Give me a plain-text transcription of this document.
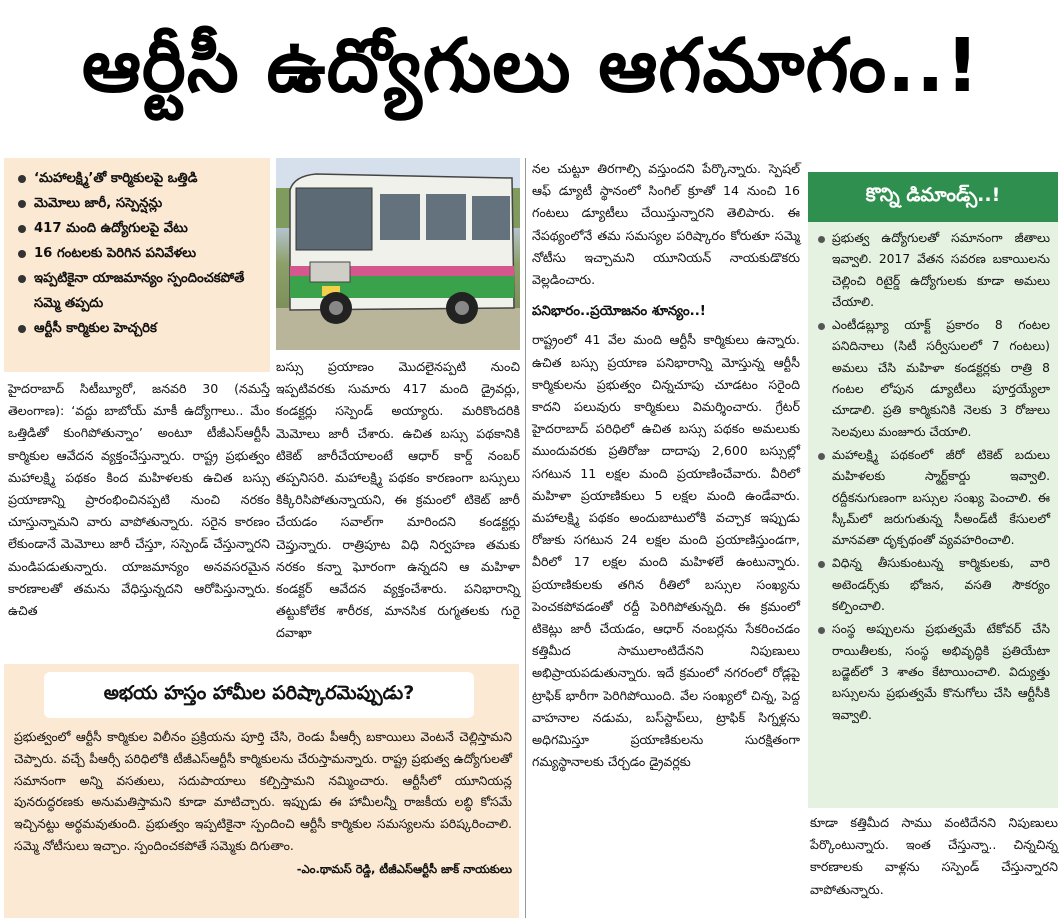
ఆర్టీసీ ఉద్యోగులు ఆగమాగం..!
‘మహాలక్ష్మి’తో కార్మికులపై ఒత్తిడి
మెమోలు జారీ, సస్పెన్షన్లు
417 మంది ఉద్యోగులపై వేటు
16 గంటలకు పెరిగిన పనివేళలు
ఇప్పటికైనా యాజమాన్యం స్పందించకపోతే సమ్మె తప్పదు
ఆర్టీసీ కార్మికుల హెచ్చరిక

హైదరాబాద్ సిటీబ్యూరో, జనవరి 30 (నమస్తే తెలంగాణ): ‘వద్దు బాబోయ్ మాకీ ఉద్యోగాలు.. మేం ఒత్తిడితో కుంగిపోతున్నాం’ అంటూ టీజీఎస్ఆర్టీసీ కార్మికుల ఆవేదన వ్యక్తంచేస్తున్నారు. రాష్ట్ర ప్రభుత్వం మహాలక్ష్మి పథకం కింద మహిళలకు ఉచిత బస్సు ప్రయాణాన్ని ప్రారంభించినప్పటి నుంచి నరకం చూస్తున్నామని వారు వాపోతున్నారు. సరైన కారణం లేకుండానే మెమోలు జారీ చేస్తూ, సస్పెండ్ చేస్తున్నారని మండిపడుతున్నారు. యాజమాన్యం అనవసరమైన కారణాలతో తమను వేధిస్తున్నదని ఆరోపిస్తున్నారు. ఉచిత

బస్సు ప్రయాణం మొదలైనప్పటి నుంచి ఇప్పటివరకు సుమారు 417 మంది డ్రైవర్లు, కండక్టర్లు సస్పెండ్ అయ్యారు. మరికొందరికి మెమోలు జారీ చేశారు. ఉచిత బస్సు పథకానికి టికెట్ జారీచేయాలంటే ఆధార్ కార్డ్ నంబర్ తప్పనిసరి. మహాలక్ష్మి పథకం కారణంగా బస్సులు కిక్కిరిసిపోతున్నాయని, ఈ క్రమంలో టికెట్ జారీ చేయడం సవాల్‌గా మారిందని కండక్టర్లు చెప్తున్నారు. రాత్రిపూట విధి నిర్వహణ తమకు నరకం కన్నా ఘోరంగా ఉన్నదని ఆ మహిళా కండక్టర్ ఆవేదన వ్యక్తంచేశారు. పనిభారాన్ని తట్టుకోలేక శారీరక, మానసిక రుగ్మతలకు గురై దవాఖా

నల చుట్టూ తిరగాల్సి వస్తుందని పేర్కొన్నారు. స్పెషల్ ఆఫ్ డ్యూటీ స్థానంలో సింగిల్ క్రూతో 14 నుంచి 16 గంటలు డ్యూటీలు చేయిస్తున్నారని తెలిపారు. ఈ నేపథ్యంలోనే తమ సమస్యల పరిష్కారం కోరుతూ సమ్మె నోటీసు ఇచ్చామని యూనియన్ నాయకుడొకరు వెల్లడించారు.

పనిభారం..ప్రయోజనం శూన్యం..!

రాష్ట్రంలో 41 వేల మంది ఆర్టీసీ కార్మికులు ఉన్నారు. ఉచిత బస్సు ప్రయాణ పనిభారాన్ని మోస్తున్న ఆర్టీసీ కార్మికులను ప్రభుత్వం చిన్నచూపు చూడటం సరైంది కాదని పలువురు కార్మికులు విమర్శించారు. గ్రేటర్ హైదరాబాద్ పరిధిలో ఉచిత బస్సు పథకం అమలుకు ముందువరకు ప్రతిరోజు దాదాపు 2,600 బస్సుల్లో సగటున 11 లక్షల మంది ప్రయాణించేవారు. వీరిలో మహిళా ప్రయాణికులు 5 లక్షల మంది ఉండేవారు. మహాలక్ష్మి పథకం అందుబాటులోకి వచ్చాక ఇప్పుడు రోజుకు సగటున 24 లక్షల మంది ప్రయాణిస్తుండగా, వీరిలో 17 లక్షల మంది మహిళలే ఉంటున్నారు. ప్రయాణికులకు తగిన రీతిలో బస్సుల సంఖ్యను పెంచకపోవడంతో రద్దీ పెరిగిపోతున్నది. ఈ క్రమంలో టికెట్లు జారీ చేయడం, ఆధార్ నంబర్లను సేకరించడం కత్తిమీద సాములాంటిదేనని నిపుణులు అభిప్రాయపడుతున్నారు. ఇదే క్రమంలో నగరంలో రోడ్లపై ట్రాఫిక్ భారీగా పెరిగిపోయింది. వేల సంఖ్యలో చిన్న, పెద్ద వాహనాల నడుమ, బస్‌స్టాప్‌లు, ట్రాఫిక్ సిగ్నళ్లను అధిగమిస్తూ ప్రయాణికులను సురక్షితంగా గమ్యస్థానాలకు చేర్చడం డ్రైవర్లకు

కొన్ని డిమాండ్స్..!
ప్రభుత్వ ఉద్యోగులతో సమానంగా జీతాలు ఇవ్వాలి. 2017 వేతన సవరణ బకాయిలను చెల్లించి రిటైర్డ్ ఉద్యోగులకు కూడా అమలు చేయాలి.
ఎంటీడబ్ల్యూ యాక్ట్ ప్రకారం 8 గంటల పనిదినాలు (సిటీ సర్వీసులలో 7 గంటలు) అమలు చేసి మహిళా కండక్టర్లకు రాత్రి 8 గంటల లోపున డ్యూటీలు పూర్తయ్యేలా చూడాలి. ప్రతి కార్మికునికి నెలకు 3 రోజులు సెలవులు మంజూరు చేయాలి.
మహాలక్ష్మి పథకంలో జీరో టికెట్ బదులు మహిళలకు స్మార్ట్‌కార్డు ఇవ్వాలి. రద్దీకనుగుణంగా బస్సుల సంఖ్య పెంచాలి. ఈ స్కీమ్‌లో జరుగుతున్న సీఅండ్‌టీ కేసులలో మానవతా దృక్పథంతో వ్యవహరించాలి.
విధిన్న తీసుకుంటున్న కార్మికులకు, వారి అటెండర్స్‌కు భోజన, వసతి సౌకర్యం కల్పించాలి.
సంస్థ అప్పులను ప్రభుత్వమే టేకోవర్ చేసి రాయితీలకు, సంస్థ అభివృద్ధికి ప్రతియేటా బడ్జెట్‌లో 3 శాతం కేటాయించాలి. విద్యుత్తు బస్సులను ప్రభుత్వమే కొనుగోలు చేసి ఆర్టీసీకి ఇవ్వాలి.

కూడా కత్తిమీద సాము వంటిదేనని నిపుణులు పేర్కొంటున్నారు. ఇంత చేస్తున్నా.. చిన్నచిన్న కారణాలకు వాళ్లను సస్పెండ్ చేస్తున్నారని వాపోతున్నారు.

అభయ హస్తం హామీల పరిష్కారమెప్పుడు?

ప్రభుత్వంలో ఆర్టీసీ కార్మికుల విలీనం ప్రక్రియను పూర్తి చేసి, రెండు పీఆర్సీ బకాయిలు వెంటనే చెల్లిస్తామని చెప్పారు. వచ్చే పీఆర్సీ పరిధిలోకి టీజీఎస్ఆర్టీసీ కార్మికులను చేరుస్తామన్నారు. రాష్ట్ర ప్రభుత్వ ఉద్యోగులతో సమానంగా అన్ని వసతులు, సదుపాయాలు కల్పిస్తామని నమ్మించారు. ఆర్టీసీలో యూనియన్ల పునరుద్ధరణకు అనుమతిస్తామని కూడా మాటిచ్చారు. ఇప్పుడు ఈ హామీలన్నీ రాజకీయ లబ్ధి కోసమే ఇచ్చినట్టు అర్థమవుతుంది. ప్రభుత్వం ఇప్పటికైనా స్పందించి ఆర్టీసీ కార్మికుల సమస్యలను పరిష్కరించాలి. సమ్మె నోటీసులు ఇచ్చాం. స్పందించకపోతే సమ్మెకు దిగుతాం.

-ఎం.థామస్ రెడ్డి, టీజీఎస్ఆర్టీసీ జాక్ నాయకులు
